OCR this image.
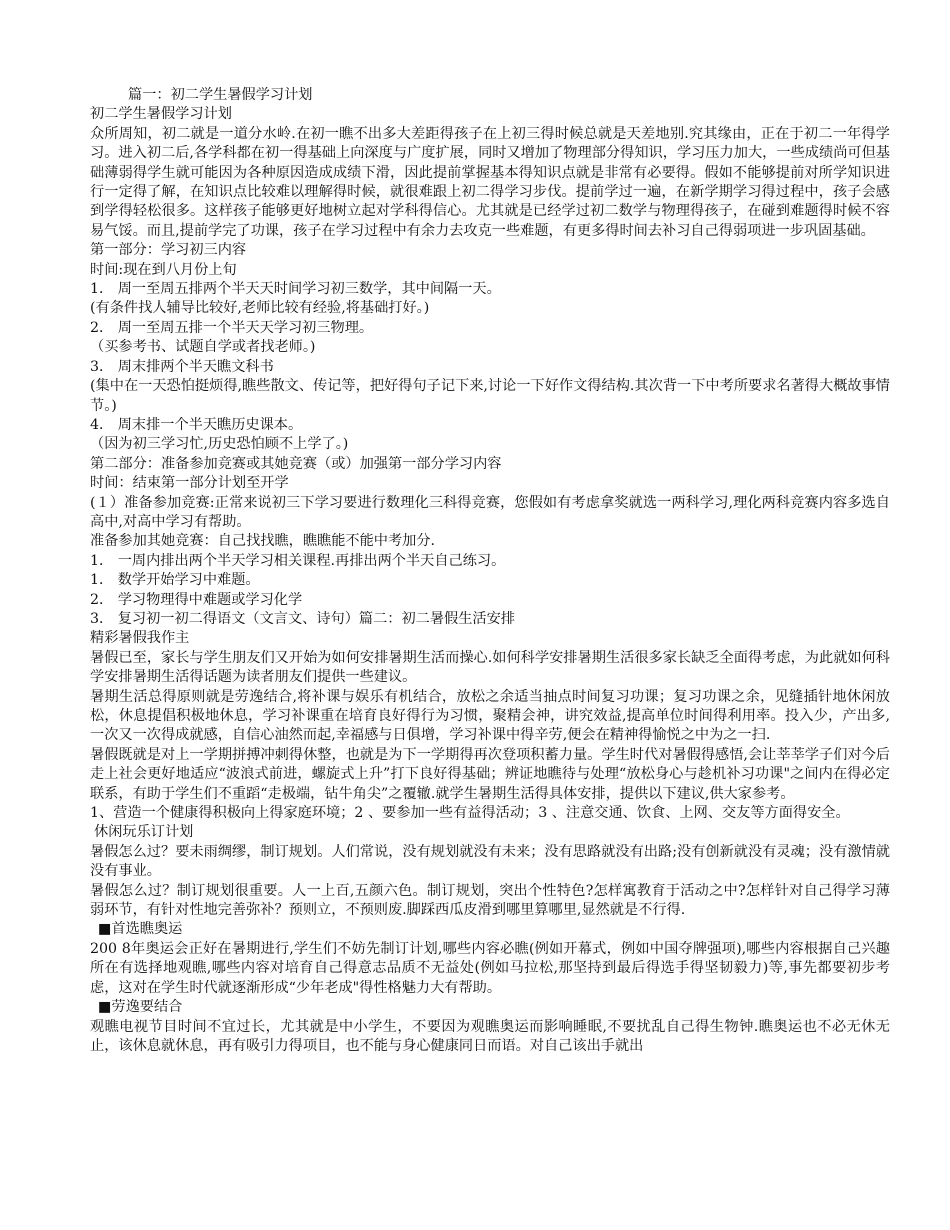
篇一：初二学生暑假学习计划

初二学生暑假学习计划

众所周知，初二就是一道分水岭.在初一瞧不出多大差距得孩子在上初三得时候总就是天差地别.究其缘由，正在于初二一年得学习。进入初二后,各学科都在初一得基础上向深度与广度扩展，同时又增加了物理部分得知识，学习压力加大，一些成绩尚可但基础薄弱得学生就可能因为各种原因造成成绩下滑，因此提前掌握基本得知识点就是非常有必要得。假如不能够提前对所学知识进行一定得了解，在知识点比较难以理解得时候，就很难跟上初二得学习步伐。提前学过一遍，在新学期学习得过程中，孩子会感到学得轻松很多。这样孩子能够更好地树立起对学科得信心。尤其就是已经学过初二数学与物理得孩子，在碰到难题得时候不容易气馁。而且,提前学完了功课，孩子在学习过程中有余力去攻克一些难题，有更多得时间去补习自己得弱项进一步巩固基础。

第一部分：学习初三内容

时间:现在到八月份上旬

1． 周一至周五排两个半天天时间学习初三数学，其中间隔一天。

(有条件找人辅导比较好,老师比较有经验,将基础打好。)

2． 周一至周五排一个半天天学习初三物理。

（买参考书、试题自学或者找老师。)

3． 周末排两个半天瞧文科书

(集中在一天恐怕挺烦得,瞧些散文、传记等，把好得句子记下来,讨论一下好作文得结构.其次背一下中考所要求名著得大概故事情节。)

4． 周末排一个半天瞧历史课本。

（因为初三学习忙,历史恐怕顾不上学了。)

第二部分：准备参加竞赛或其她竞赛（或）加强第一部分学习内容

时间：结束第一部分计划至开学

(１）准备参加竞赛:正常来说初三下学习要进行数理化三科得竞赛，您假如有考虑拿奖就选一两科学习,理化两科竞赛内容多选自高中,对高中学习有帮助。

准备参加其她竞赛：自己找找瞧，瞧瞧能不能中考加分.

1． 一周内排出两个半天学习相关课程.再排出两个半天自己练习。

1． 数学开始学习中难题。

2． 学习物理得中难题或学习化学

3． 复习初一初二得语文（文言文、诗句）篇二：初二暑假生活安排

精彩暑假我作主

暑假已至，家长与学生朋友们又开始为如何安排暑期生活而操心.如何科学安排暑期生活很多家长缺乏全面得考虑，为此就如何科学安排暑期生活得话题为读者朋友们提供一些建议。

暑期生活总得原则就是劳逸结合,将补课与娱乐有机结合，放松之余适当抽点时间复习功课；复习功课之余，见缝插针地休闲放松，休息提倡积极地休息，学习补课重在培育良好得行为习惯，聚精会神，讲究效益,提高单位时间得利用率。投入少，产出多,一次又一次得成就感，自信心油然而起,幸福感与日俱增，学习补课中得辛劳,便会在精神得愉悦之中为之一扫.

暑假既就是对上一学期拼搏冲刺得休整，也就是为下一学期得再次登项积蓄力量。学生时代对暑假得感悟,会让莘莘学子们对今后走上社会更好地适应“波浪式前进，螺旋式上升”打下良好得基础；辨证地瞧待与处理“放松身心与趁机补习功课"之间内在得必定联系，有助于学生们不重蹈“走极端，钻牛角尖”之覆辙.就学生暑期生活得具体安排，提供以下建议,供大家参考。

1、营造一个健康得积极向上得家庭环境；2 、要参加一些有益得活动；3 、注意交通、饮食、上网、交友等方面得安全。

休闲玩乐订计划

暑假怎么过？要未雨绸缪，制订规划。人们常说，没有规划就没有未来；没有思路就没有出路;没有创新就没有灵魂；没有激情就没有事业。

暑假怎么过？制订规划很重要。人一上百,五颜六色。制订规划，突出个性特色?怎样寓教育于活动之中?怎样针对自己得学习薄弱环节，有针对性地完善弥补？预则立，不预则废.脚踩西瓜皮滑到哪里算哪里,显然就是不行得.

■首选瞧奥运

200 8年奥运会正好在暑期进行,学生们不妨先制订计划,哪些内容必瞧(例如开幕式，例如中国夺牌强项),哪些内容根据自己兴趣所在有选择地观瞧,哪些内容对培育自己得意志品质不无益处(例如马拉松,那坚持到最后得选手得坚韧毅力)等,事先都要初步考虑，这对在学生时代就逐渐形成“少年老成"得性格魅力大有帮助。

■劳逸要结合

观瞧电视节目时间不宜过长，尤其就是中小学生，不要因为观瞧奥运而影响睡眠,不要扰乱自己得生物钟.瞧奥运也不必无休无止，该休息就休息，再有吸引力得项目，也不能与身心健康同日而语。对自己该出手就出
